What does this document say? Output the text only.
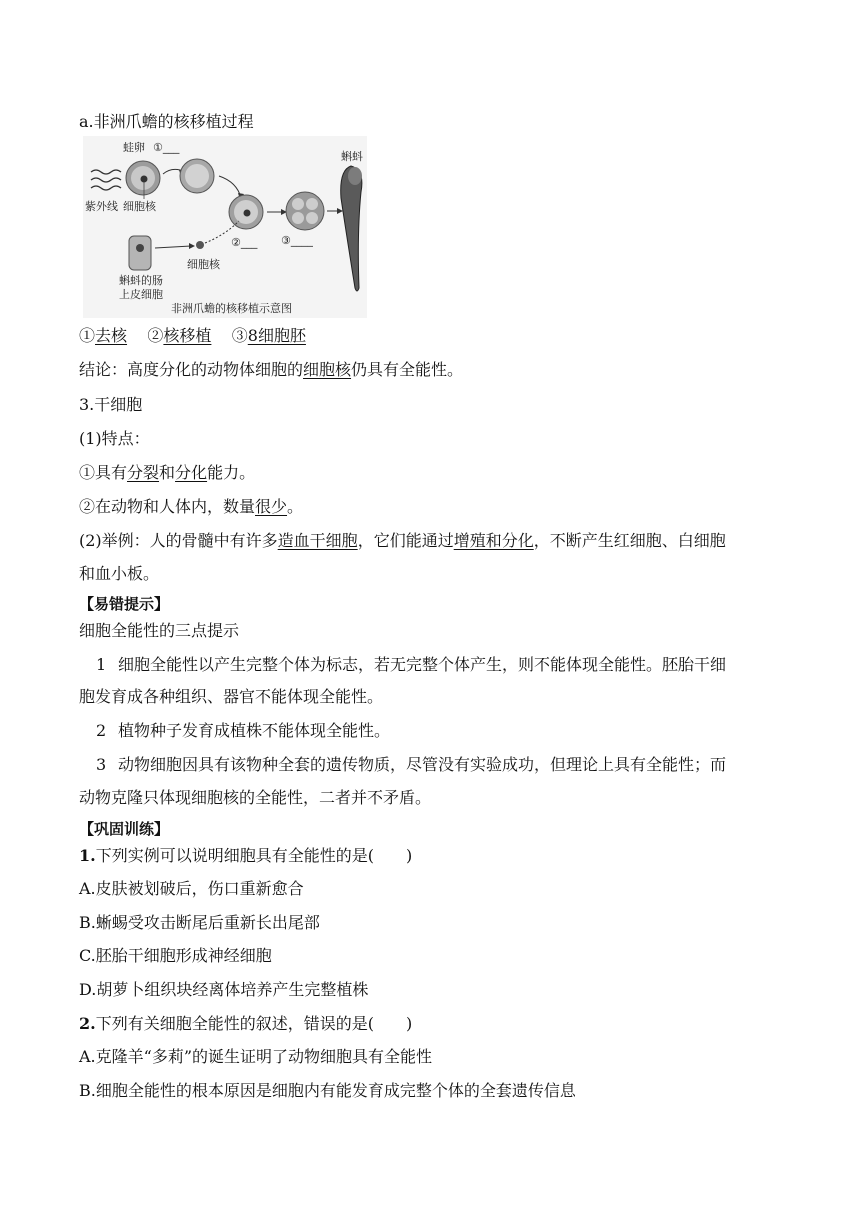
a.非洲爪蟾的核移植过程
蛙卵 ①___
紫外线 细胞核
蝌蚪
②___ ③____
细胞核
蝌蚪的肠
上皮细胞
非洲爪蟾的核移植示意图
①去核 ②核移植 ③8细胞胚
结论：高度分化的动物体细胞的细胞核仍具有全能性。
3.干细胞
(1)特点：
①具有分裂和分化能力。
②在动物和人体内，数量很少。
(2)举例：人的骨髓中有许多造血干细胞，它们能通过增殖和分化，不断产生红细胞、白细胞
和血小板。
【易错提示】
细胞全能性的三点提示
1 细胞全能性以产生完整个体为标志，若无完整个体产生，则不能体现全能性。胚胎干细
胞发育成各种组织、器官不能体现全能性。
2 植物种子发育成植株不能体现全能性。
3 动物细胞因具有该物种全套的遗传物质，尽管没有实验成功，但理论上具有全能性；而
动物克隆只体现细胞核的全能性，二者并不矛盾。
【巩固训练】
1.下列实例可以说明细胞具有全能性的是(　　)
A.皮肤被划破后，伤口重新愈合
B.蜥蜴受攻击断尾后重新长出尾部
C.胚胎干细胞形成神经细胞
D.胡萝卜组织块经离体培养产生完整植株
2.下列有关细胞全能性的叙述，错误的是(　　)
A.克隆羊“多莉”的诞生证明了动物细胞具有全能性
B.细胞全能性的根本原因是细胞内有能发育成完整个体的全套遗传信息
